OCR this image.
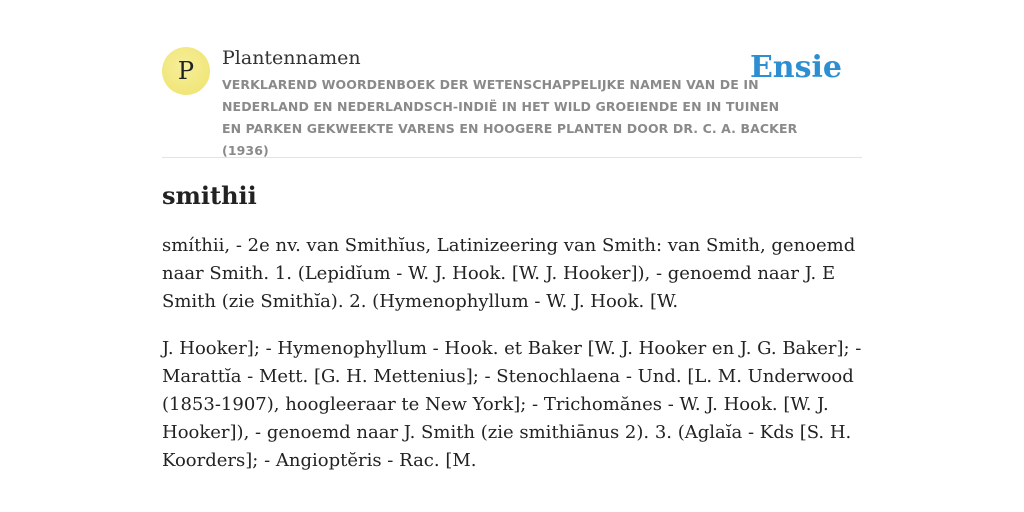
P Plantennamen
VERKLAREND WOORDENBOEK DER WETENSCHAPPELIJKE NAMEN VAN DE IN NEDERLAND EN NEDERLANDSCH-INDIË IN HET WILD GROEIENDE EN IN TUINEN EN PARKEN GEKWEEKTE VARENS EN HOOGERE PLANTEN DOOR DR. C. A. BACKER (1936)
Ensie
smithii

smíthii, - 2e nv. van Smithĭus, Latinizeering van Smith: van Smith, genoemd naar Smith. 1. (Lepidĭum - W. J. Hook. [W. J. Hooker]), - genoemd naar J. E Smith (zie Smithĭa). 2. (Hymenophyllum - W. J. Hook. [W.

J. Hooker]; - Hymenophyllum - Hook. et Baker [W. J. Hooker en J. G. Baker]; - Marattĭa - Mett. [G. H. Mettenius]; - Stenochlaena - Und. [L. M. Underwood (1853-1907), hoogleeraar te New York]; - Trichomănes - W. J. Hook. [W. J. Hooker]), - genoemd naar J. Smith (zie smithiānus 2). 3. (Aglaĭa - Kds [S. H. Koorders]; - Angioptĕris - Rac. [M.
